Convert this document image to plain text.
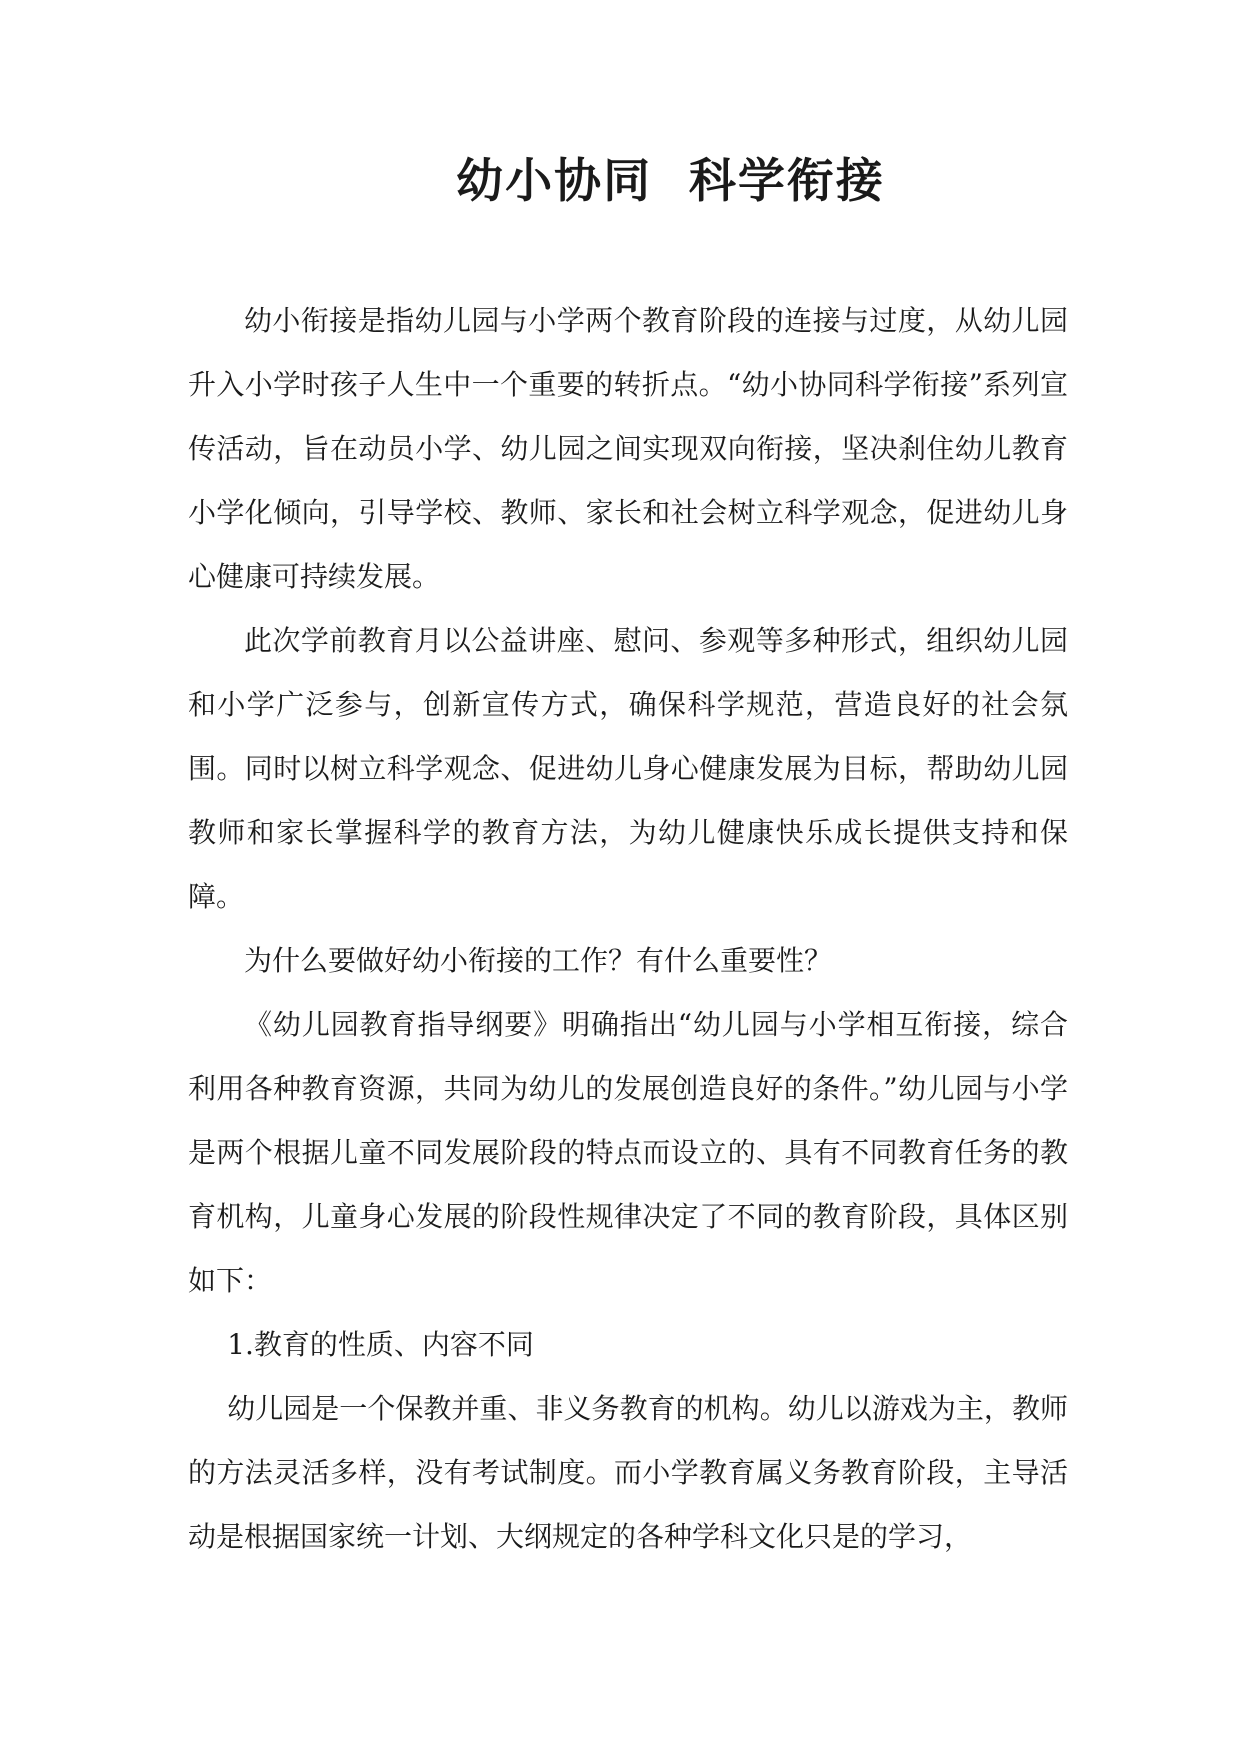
幼小协同  科学衔接

幼小衔接是指幼儿园与小学两个教育阶段的连接与过度，从幼儿园升入小学时孩子人生中一个重要的转折点。“幼小协同科学衔接”系列宣传活动，旨在动员小学、幼儿园之间实现双向衔接，坚决刹住幼儿教育小学化倾向，引导学校、教师、家长和社会树立科学观念，促进幼儿身心健康可持续发展。

此次学前教育月以公益讲座、慰问、参观等多种形式，组织幼儿园和小学广泛参与，创新宣传方式，确保科学规范，营造良好的社会氛围。同时以树立科学观念、促进幼儿身心健康发展为目标，帮助幼儿园教师和家长掌握科学的教育方法，为幼儿健康快乐成长提供支持和保障。

为什么要做好幼小衔接的工作？有什么重要性？

《幼儿园教育指导纲要》明确指出“幼儿园与小学相互衔接，综合利用各种教育资源，共同为幼儿的发展创造良好的条件。”幼儿园与小学是两个根据儿童不同发展阶段的特点而设立的、具有不同教育任务的教育机构，儿童身心发展的阶段性规律决定了不同的教育阶段，具体区别如下：

1.教育的性质、内容不同

幼儿园是一个保教并重、非义务教育的机构。幼儿以游戏为主，教师的方法灵活多样，没有考试制度。而小学教育属义务教育阶段，主导活动是根据国家统一计划、大纲规定的各种学科文化只是的学习，
